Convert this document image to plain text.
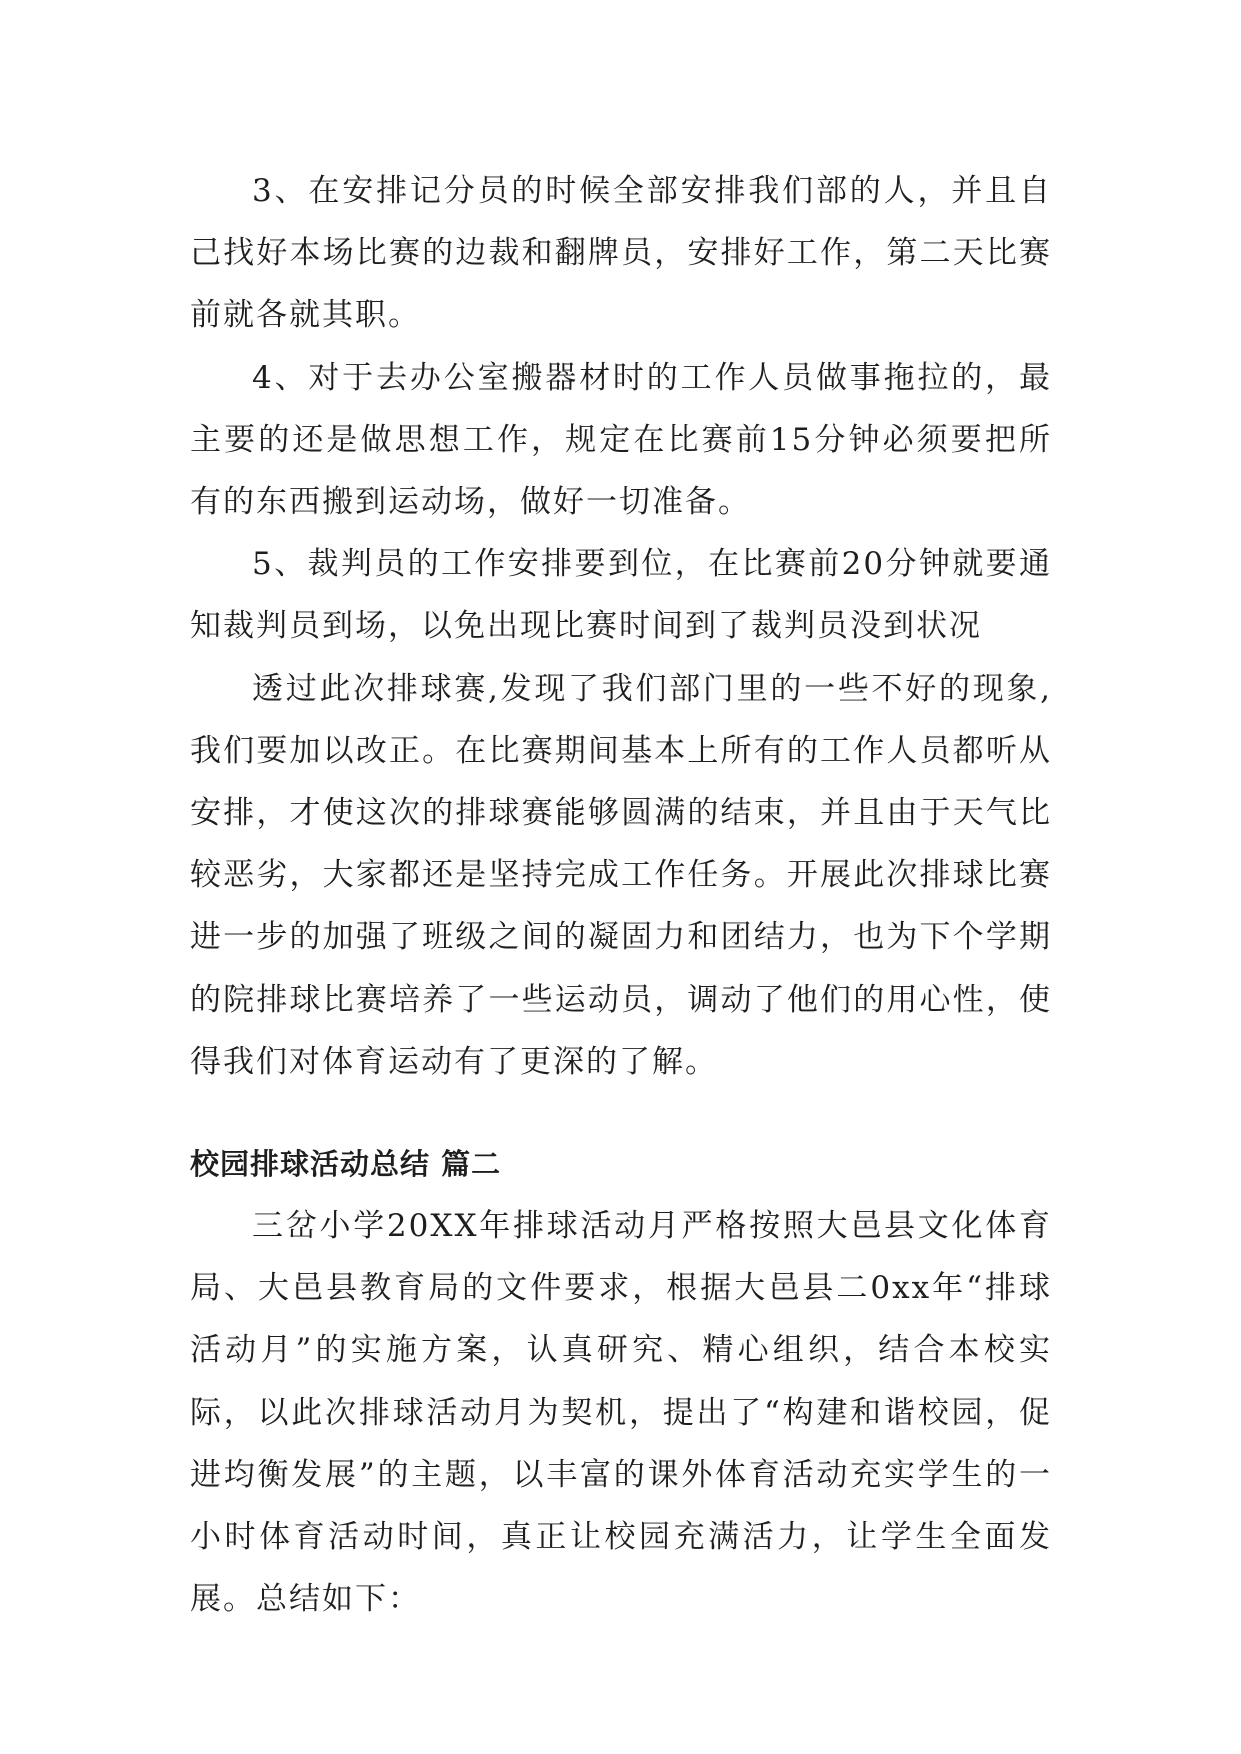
3、在安排记分员的时候全部安排我们部的人，并且自己找好本场比赛的边裁和翻牌员，安排好工作，第二天比赛前就各就其职。

4、对于去办公室搬器材时的工作人员做事拖拉的，最主要的还是做思想工作，规定在比赛前15分钟必须要把所有的东西搬到运动场，做好一切准备。

5、裁判员的工作安排要到位，在比赛前20分钟就要通知裁判员到场，以免出现比赛时间到了裁判员没到状况

透过此次排球赛,发现了我们部门里的一些不好的现象,我们要加以改正。在比赛期间基本上所有的工作人员都听从安排，才使这次的排球赛能够圆满的结束，并且由于天气比较恶劣，大家都还是坚持完成工作任务。开展此次排球比赛进一步的加强了班级之间的凝固力和团结力，也为下个学期的院排球比赛培养了一些运动员，调动了他们的用心性，使得我们对体育运动有了更深的了解。

校园排球活动总结 篇二

三岔小学20XX年排球活动月严格按照大邑县文化体育局、大邑县教育局的文件要求，根据大邑县二0xx年“排球活动月”的实施方案，认真研究、精心组织，结合本校实际，以此次排球活动月为契机，提出了“构建和谐校园，促进均衡发展”的主题，以丰富的课外体育活动充实学生的一小时体育活动时间，真正让校园充满活力，让学生全面发展。总结如下：
